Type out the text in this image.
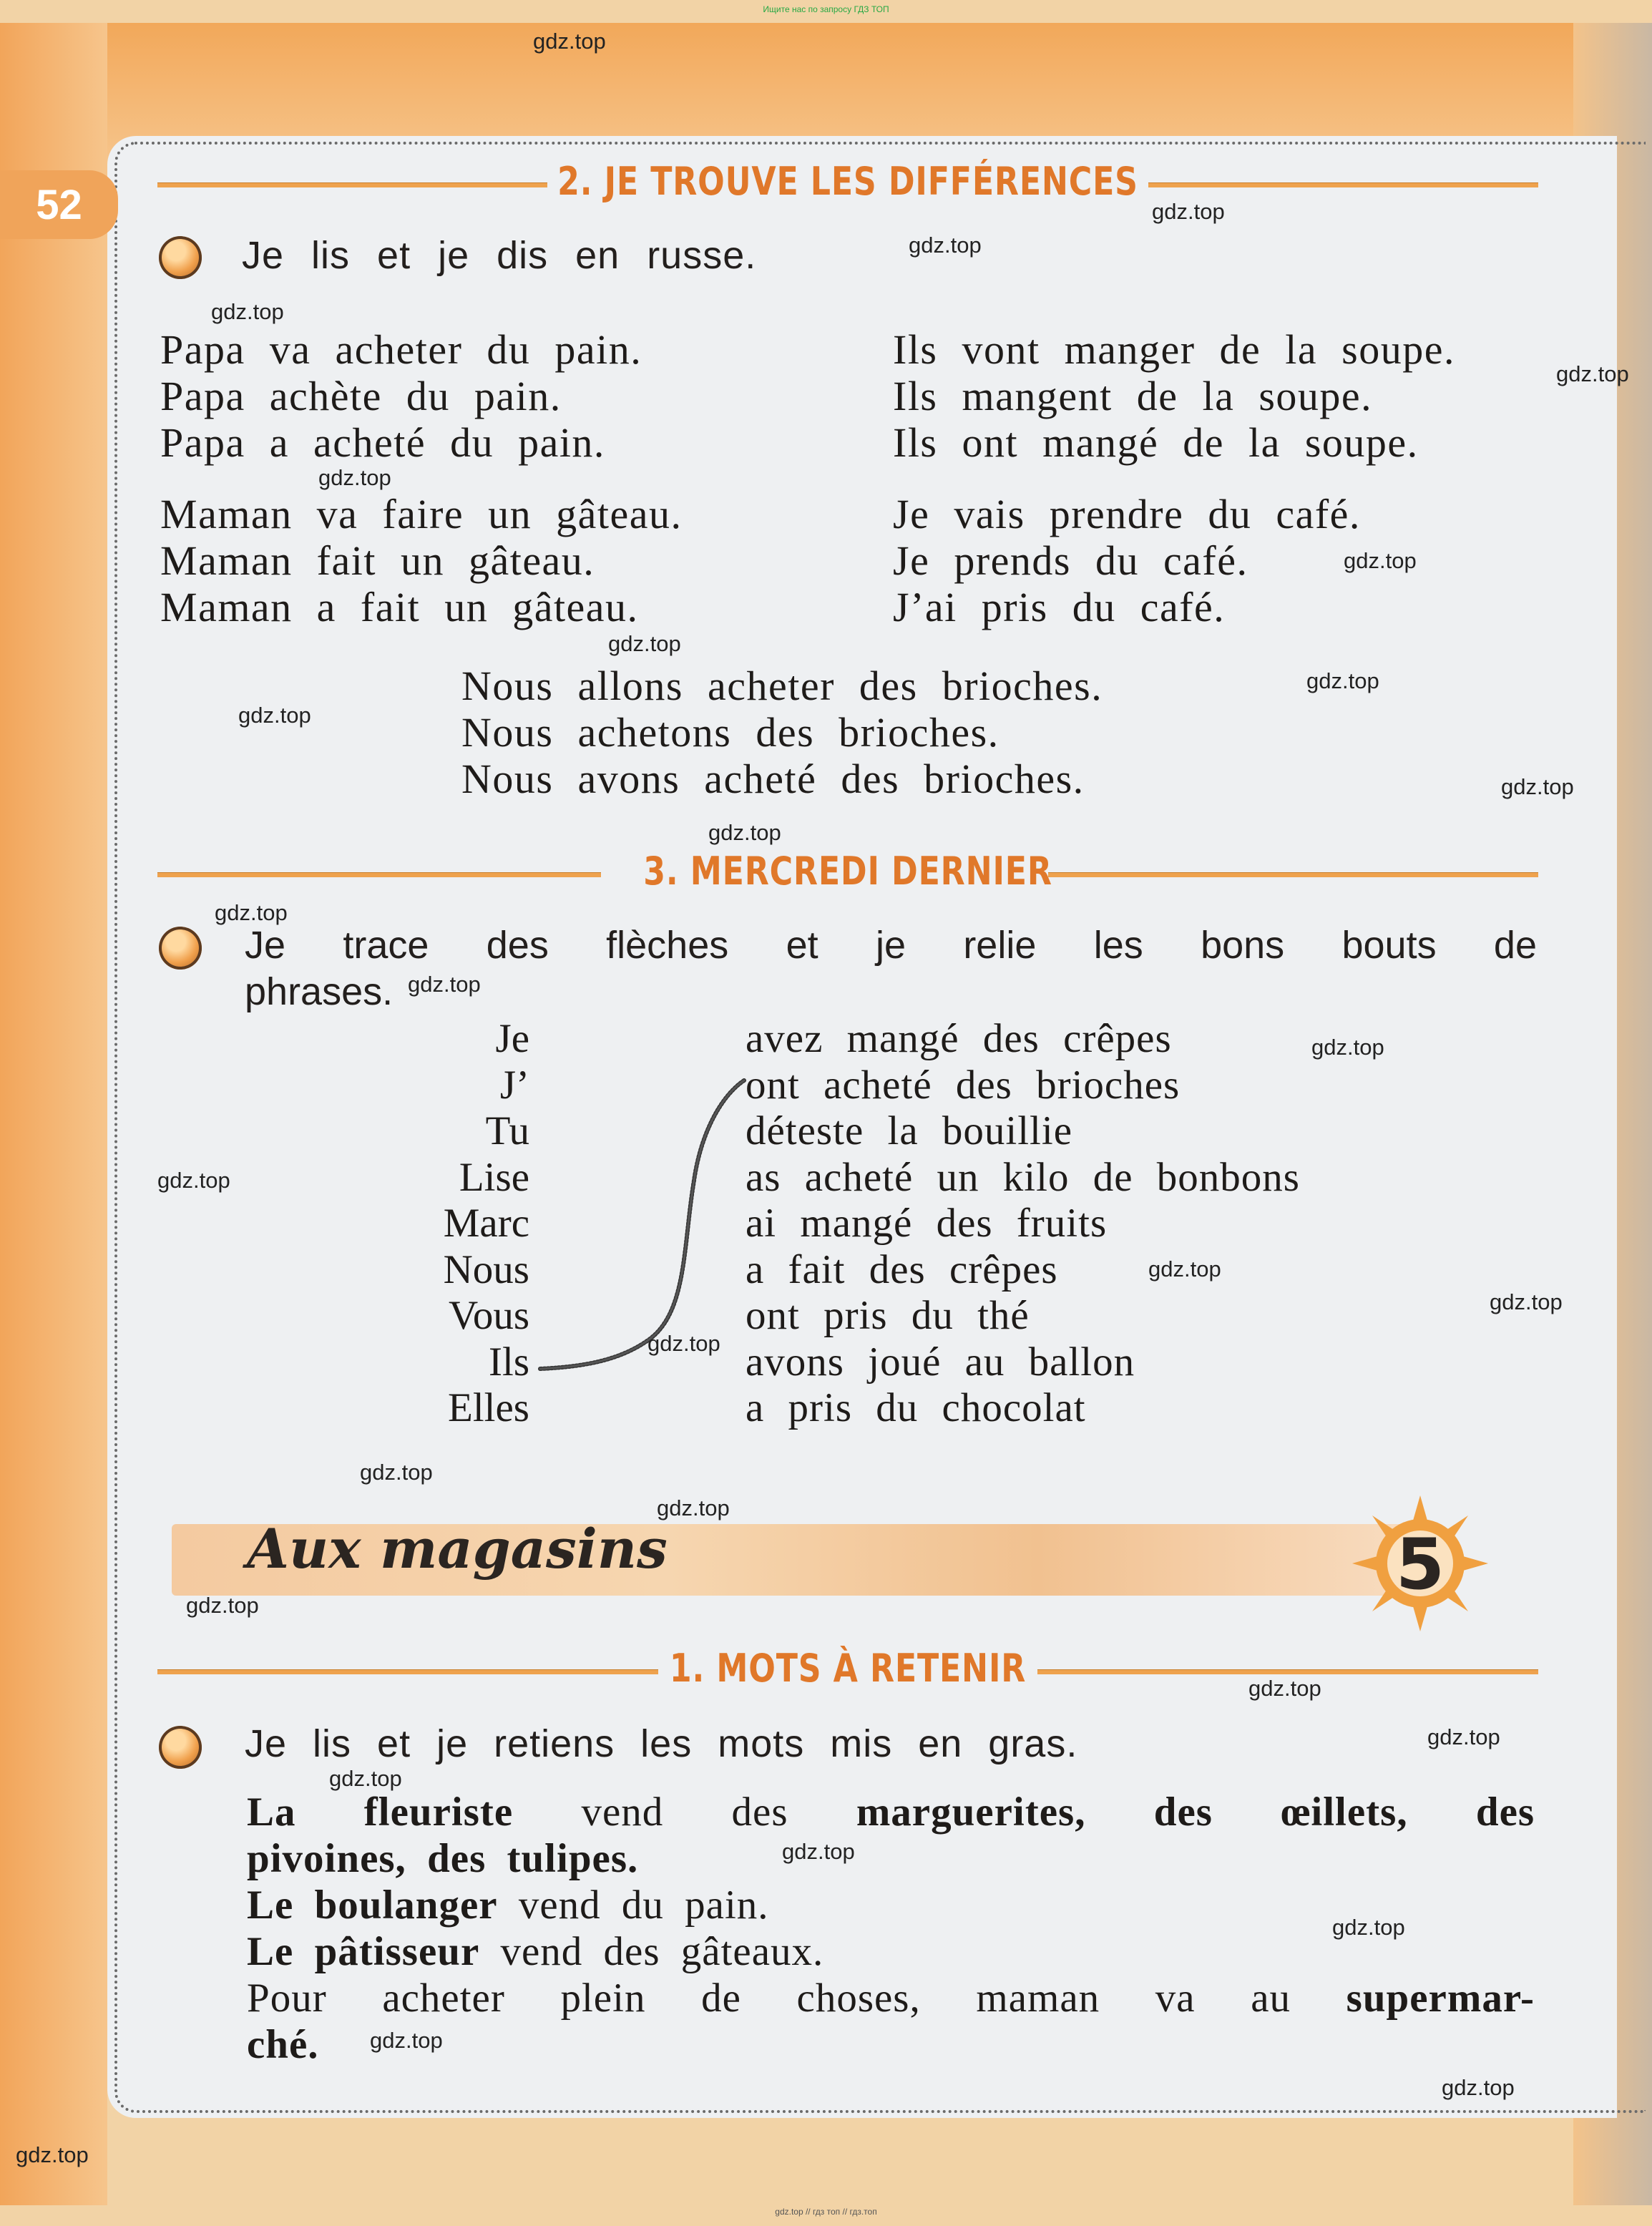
Ищите нас по запросу ГДЗ ТОП
gdz.top // гдз топ // гдз.топ
52	2. JE TROUVE LES DIFFÉRENCES
Je lis et je dis en russe.
Papa va acheter du pain.
Papa achète du pain.
Papa a acheté du pain.
Maman va faire un gâteau.
Maman fait un gâteau.
Maman a fait un gâteau.
Ils vont manger de la soupe.
Ils mangent de la soupe.
Ils ont mangé de la soupe.
Je vais prendre du café.
Je prends du café.
J’ai pris du café.
Nous allons acheter des brioches.
Nous achetons des brioches.
Nous avons acheté des brioches.
3. MERCREDI DERNIER
Je trace des flèches et je relie les bons bouts de
phrases.
Je
J’
Tu
Lise
Marc
Nous
Vous
Ils
Elles
avez mangé des crêpes
ont acheté des brioches
déteste la bouillie
as acheté un kilo de bonbons
ai mangé des fruits
a fait des crêpes
ont pris du thé
avons joué au ballon
a pris du chocolat
Aux magasins	5
1. MOTS À RETENIR
Je lis et je retiens les mots mis en gras.

La fleuriste vend des marguerites, des œillets, des

pivoines, des tulipes.

Le boulanger vend du pain.

Le pâtisseur vend des gâteaux.

Pour acheter plein de choses, maman va au supermar-

ché.

gdz.top
gdz.top
gdz.top
gdz.top
gdz.top
gdz.top
gdz.top
gdz.top
gdz.top
gdz.top
gdz.top
gdz.top
gdz.top
gdz.top
gdz.top
gdz.top
gdz.top
gdz.top
gdz.top
gdz.top
gdz.top
gdz.top
gdz.top
gdz.top
gdz.top
gdz.top
gdz.top
gdz.top
gdz.top
gdz.top
